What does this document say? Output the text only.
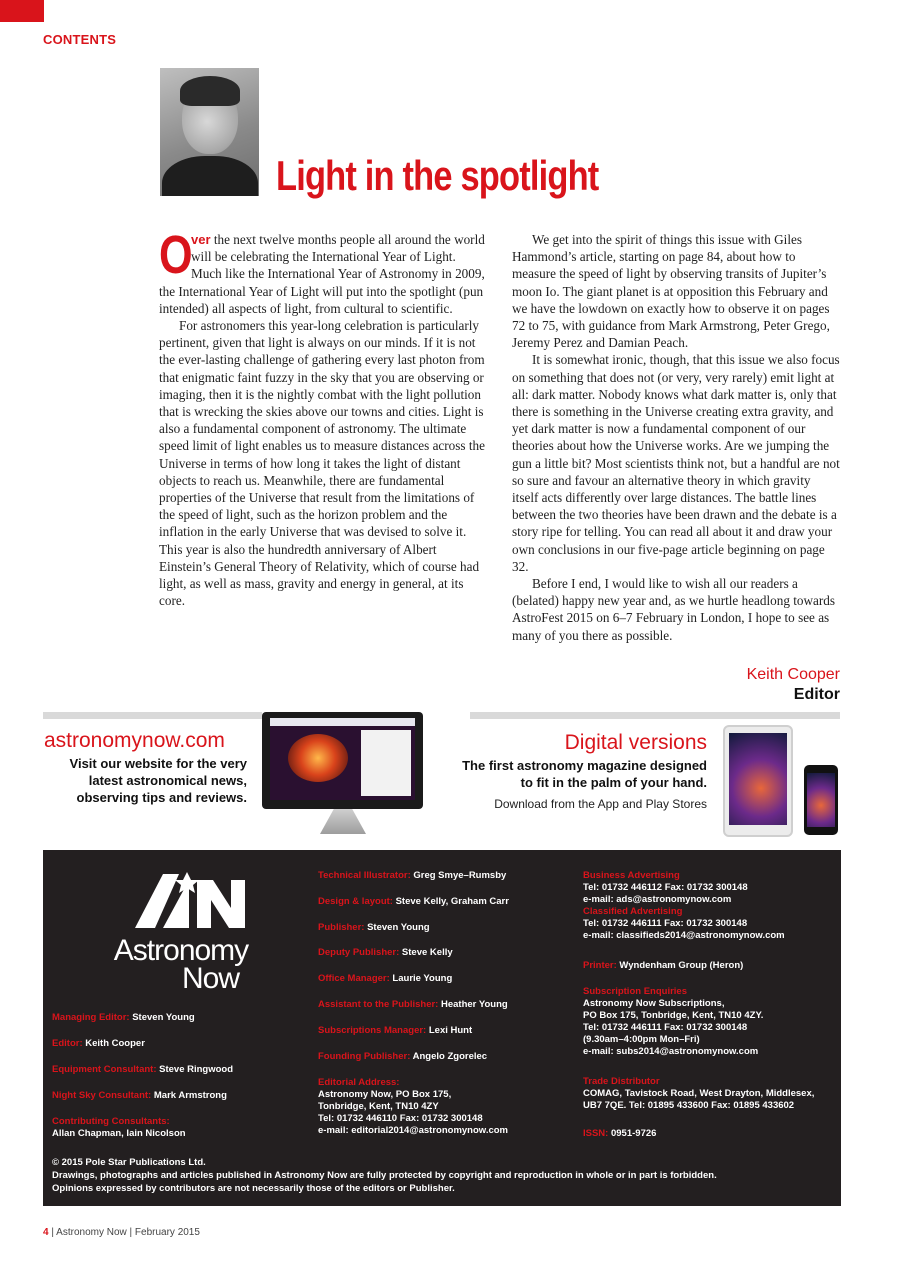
CONTENTS
Light in the spotlight

O
ver the next twelve months people all around the world will be celebrating the International Year of Light. Much like the International Year of Astronomy in 2009, the International Year of Light will put into the spotlight (pun intended) all aspects of light, from cultural to scientific.

For astronomers this year-long celebration is particularly pertinent, given that light is always on our minds. If it is not the ever-lasting challenge of gathering every last photon from that enigmatic faint fuzzy in the sky that you are observing or imaging, then it is the nightly combat with the light pollution that is wrecking the skies above our towns and cities. Light is also a fundamental component of astronomy. The ultimate speed limit of light enables us to measure distances across the Universe in terms of how long it takes the light of distant objects to reach us. Meanwhile, there are fundamental properties of the Universe that result from the limitations of the speed of light, such as the horizon problem and the inflation in the early Universe that was devised to solve it. This year is also the hundredth anniversary of Albert Einstein’s General Theory of Relativity, which of course had light, as well as mass, gravity and energy in general, at its core.

We get into the spirit of things this issue with Giles Hammond’s article, starting on page 84, about how to measure the speed of light by observing transits of Jupiter’s moon Io. The giant planet is at opposition this February and we have the lowdown on exactly how to observe it on pages 72 to 75, with guidance from Mark Armstrong, Peter Grego, Jeremy Perez and Damian Peach.

It is somewhat ironic, though, that this issue we also focus on something that does not (or very, very rarely) emit light at all: dark matter. Nobody knows what dark matter is, only that there is something in the Universe creating extra gravity, and yet dark matter is now a fundamental component of our theories about how the Universe works. Are we jumping the gun a little bit? Most scientists think not, but a handful are not so sure and favour an alternative theory in which gravity itself acts differently over large distances. The battle lines between the two theories have been drawn and the debate is a story ripe for telling. You can read all about it and draw your own conclusions in our five-page article beginning on page 32.

Before I end, I would like to wish all our readers a (belated) happy new year and, as we hurtle headlong towards AstroFest 2015 on 6–7 February in London, I hope to see as many of you there as possible.

Keith Cooper
Editor
astronomynow.com
Visit our website for the very
latest astronomical news,
observing tips and reviews.
Digital versions
The first astronomy magazine designed
to fit in the palm of your hand.
Download from the App and Play Stores
Astronomy
Now
Managing Editor: Steven Young
Editor: Keith Cooper
Equipment Consultant: Steve Ringwood
Night Sky Consultant: Mark Armstrong
Contributing Consultants:
Allan Chapman, Iain Nicolson
Technical Illustrator: Greg Smye–Rumsby
Design & layout: Steve Kelly, Graham Carr
Publisher: Steven Young
Deputy Publisher: Steve Kelly
Office Manager: Laurie Young
Assistant to the Publisher: Heather Young
Subscriptions Manager: Lexi Hunt
Founding Publisher: Angelo Zgorelec
Editorial Address:
Astronomy Now, PO Box 175,
Tonbridge, Kent, TN10 4ZY
Tel: 01732 446110 Fax: 01732 300148
e-mail: editorial2014@astronomynow.com
Business Advertising
Tel: 01732 446112 Fax: 01732 300148
e-mail: ads@astronomynow.com
Classified Advertising
Tel: 01732 446111 Fax: 01732 300148
e-mail: classifieds2014@astronomynow.com
Printer: Wyndenham Group (Heron)
Subscription Enquiries
Astronomy Now Subscriptions,
PO Box 175, Tonbridge, Kent, TN10 4ZY.
Tel: 01732 446111 Fax: 01732 300148
(9.30am–4:00pm Mon–Fri)
e-mail: subs2014@astronomynow.com
Trade Distributor
COMAG, Tavistock Road, West Drayton, Middlesex,
UB7 7QE. Tel: 01895 433600 Fax: 01895 433602
ISSN: 0951-9726
© 2015 Pole Star Publications Ltd.
Drawings, photographs and articles published in Astronomy Now are fully protected by copyright and reproduction in whole or in part is forbidden.
Opinions expressed by contributors are not necessarily those of the editors or Publisher.
4 | Astronomy Now | February 2015
